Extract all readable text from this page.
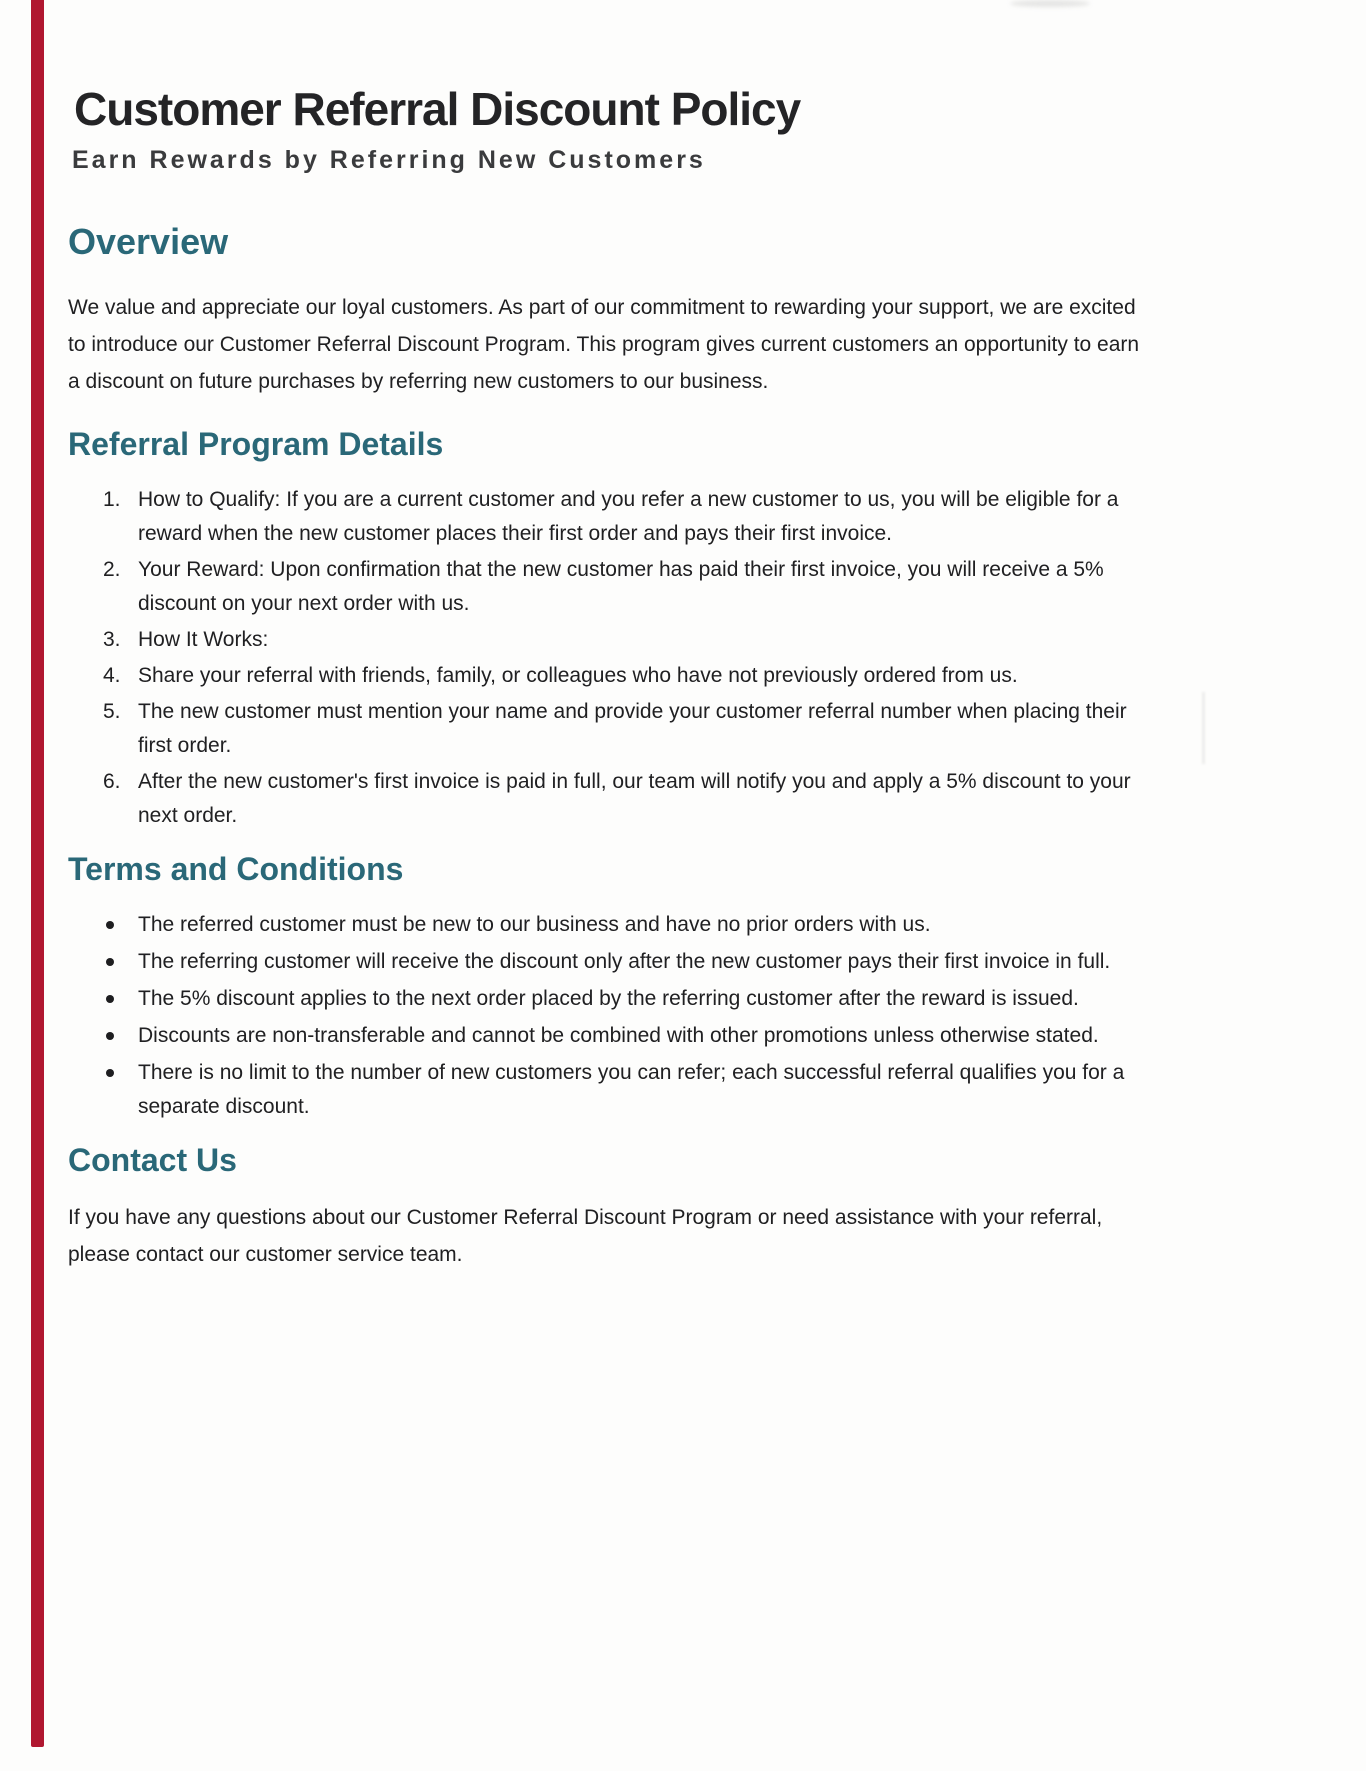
Customer Referral Discount Policy

Earn Rewards by Referring New Customers

Overview

We value and appreciate our loyal customers. As part of our commitment to rewarding your support, we are excited to introduce our Customer Referral Discount Program. This program gives current customers an opportunity to earn a discount on future purchases by referring new customers to our business.

Referral Program Details
1. How to Qualify: If you are a current customer and you refer a new customer to us, you will be eligible for a reward when the new customer places their first order and pays their first invoice.
2. Your Reward: Upon confirmation that the new customer has paid their first invoice, you will receive a 5% discount on your next order with us.
3. How It Works:
4. Share your referral with friends, family, or colleagues who have not previously ordered from us.
5. The new customer must mention your name and provide your customer referral number when placing their first order.
6. After the new customer's first invoice is paid in full, our team will notify you and apply a 5% discount to your next order.
Terms and Conditions
The referred customer must be new to our business and have no prior orders with us.
The referring customer will receive the discount only after the new customer pays their first invoice in full.
The 5% discount applies to the next order placed by the referring customer after the reward is issued.
Discounts are non-transferable and cannot be combined with other promotions unless otherwise stated.
There is no limit to the number of new customers you can refer; each successful referral qualifies you for a separate discount.
Contact Us

If you have any questions about our Customer Referral Discount Program or need assistance with your referral, please contact our customer service team.
